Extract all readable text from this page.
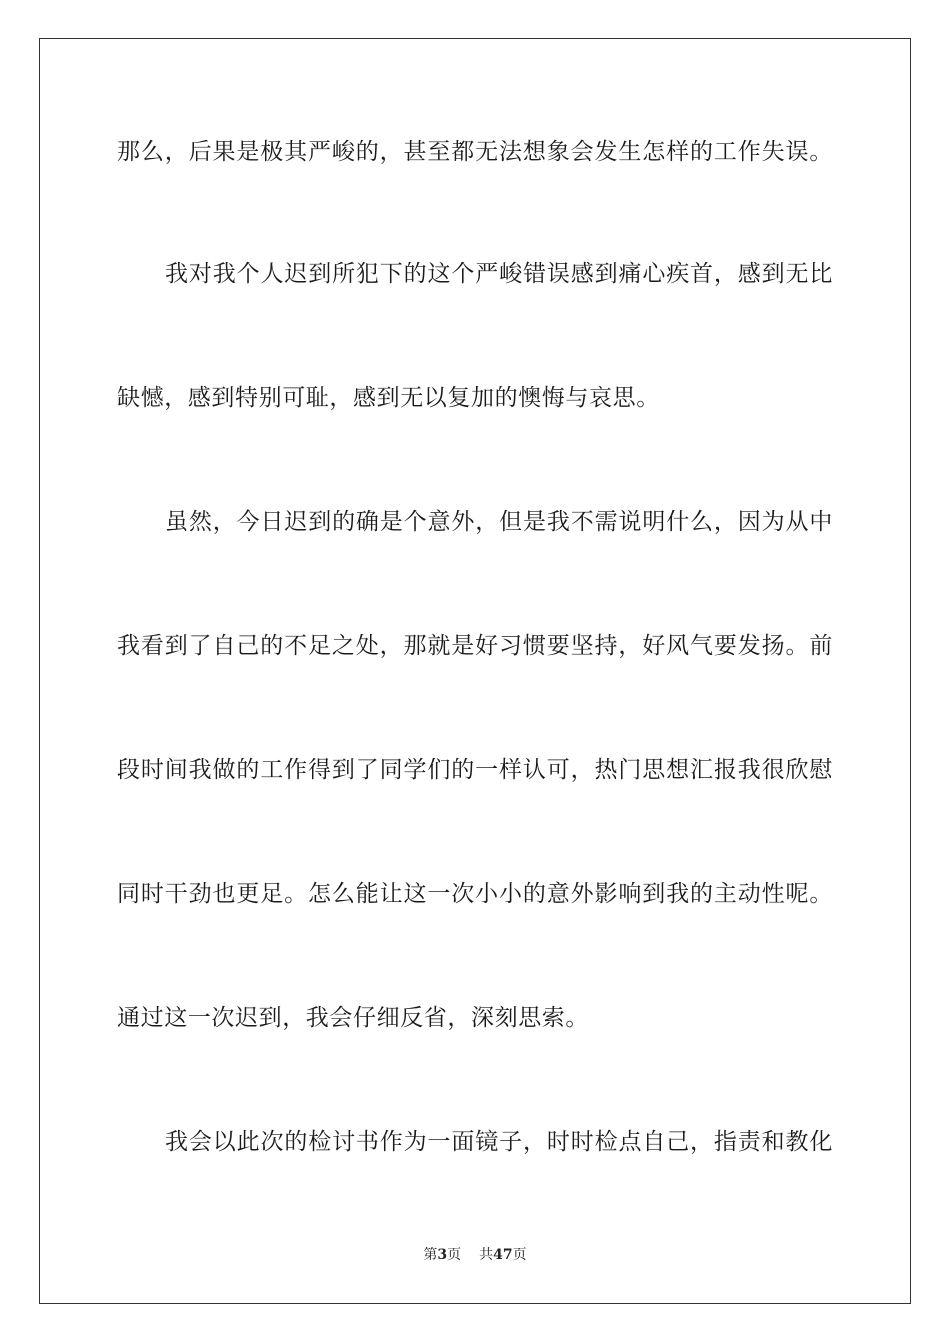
那么，后果是极其严峻的，甚至都无法想象会发生怎样的工作失误。
我对我个人迟到所犯下的这个严峻错误感到痛心疾首，感到无比
缺憾，感到特别可耻，感到无以复加的懊悔与哀思。
虽然，今日迟到的确是个意外，但是我不需说明什么，因为从中
我看到了自己的不足之处，那就是好习惯要坚持，好风气要发扬。前
段时间我做的工作得到了同学们的一样认可，热门思想汇报我很欣慰
同时干劲也更足。怎么能让这一次小小的意外影响到我的主动性呢。
通过这一次迟到，我会仔细反省，深刻思索。
我会以此次的检讨书作为一面镜子，时时检点自己，指责和教化
第3页 共47页
